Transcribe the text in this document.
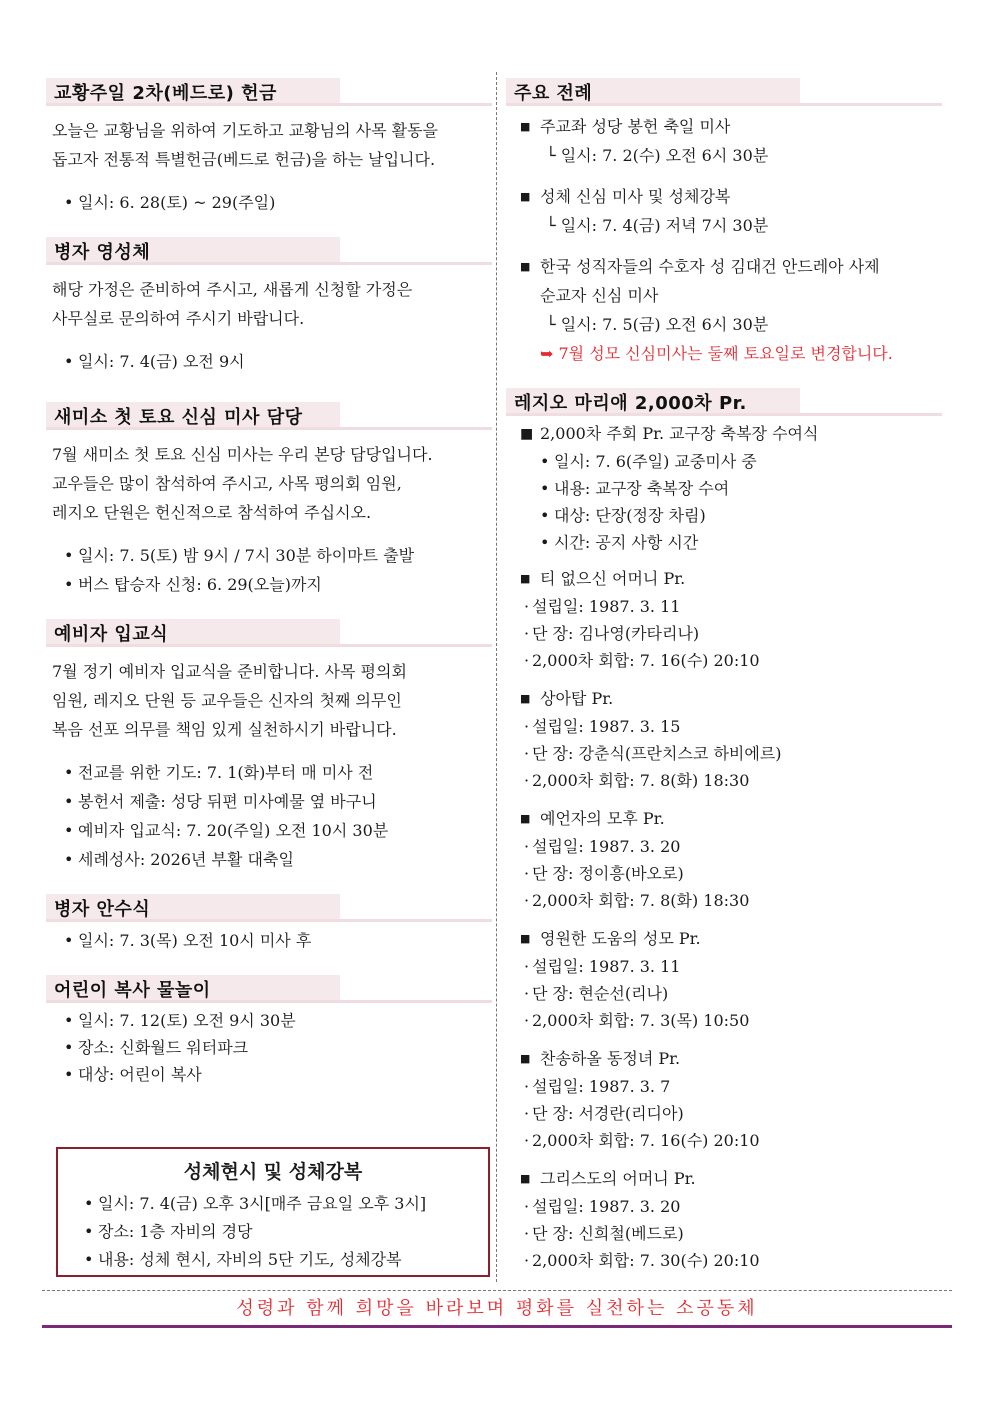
교황주일 2차(베드로) 헌금
오늘은 교황님을 위하여 기도하고 교황님의 사목 활동을
돕고자 전통적 특별헌금(베드로 헌금)을 하는 날입니다.
• 일시: 6. 28(토) ~ 29(주일)
병자 영성체
해당 가정은 준비하여 주시고, 새롭게 신청할 가정은
사무실로 문의하여 주시기 바랍니다.
• 일시: 7. 4(금) 오전 9시
새미소 첫 토요 신심 미사 담당
7월 새미소 첫 토요 신심 미사는 우리 본당 담당입니다.
교우들은 많이 참석하여 주시고, 사목 평의회 임원,
레지오 단원은 헌신적으로 참석하여 주십시오.
• 일시: 7. 5(토) 밤 9시 / 7시 30분 하이마트 출발
• 버스 탑승자 신청: 6. 29(오늘)까지
예비자 입교식
7월 정기 예비자 입교식을 준비합니다. 사목 평의회
임원, 레지오 단원 등 교우들은 신자의 첫째 의무인
복음 선포 의무를 책임 있게 실천하시기 바랍니다.
• 전교를 위한 기도: 7. 1(화)부터 매 미사 전
• 봉헌서 제출: 성당 뒤편 미사예물 옆 바구니
• 예비자 입교식: 7. 20(주일) 오전 10시 30분
• 세례성사: 2026년 부활 대축일
병자 안수식
• 일시: 7. 3(목) 오전 10시 미사 후
어린이 복사 물놀이
• 일시: 7. 12(토) 오전 9시 30분
• 장소: 신화월드 워터파크
• 대상: 어린이 복사
성체현시 및 성체강복
• 일시: 7. 4(금) 오후 3시[매주 금요일 오후 3시]
• 장소: 1층 자비의 경당
• 내용: 성체 현시, 자비의 5단 기도, 성체강복
주요 전례
■ 주교좌 성당 봉헌 축일 미사
└ 일시: 7. 2(수) 오전 6시 30분
■ 성체 신심 미사 및 성체강복
└ 일시: 7. 4(금) 저녁 7시 30분
■ 한국 성직자들의 수호자 성 김대건 안드레아 사제
순교자 신심 미사
└ 일시: 7. 5(금) 오전 6시 30분
➥ 7월 성모 신심미사는 둘째 토요일로 변경합니다.
레지오 마리애 2,000차 Pr.
■ 2,000차 주회 Pr. 교구장 축복장 수여식
• 일시: 7. 6(주일) 교중미사 중
• 내용: 교구장 축복장 수여
• 대상: 단장(정장 차림)
• 시간: 공지 사항 시간
■ 티 없으신 어머니 Pr.
· 설립일: 1987. 3. 11
· 단 장: 김나영(카타리나)
· 2,000차 회합: 7. 16(수) 20:10
■ 상아탑 Pr.
· 설립일: 1987. 3. 15
· 단 장: 강춘식(프란치스코 하비에르)
· 2,000차 회합: 7. 8(화) 18:30
■ 예언자의 모후 Pr.
· 설립일: 1987. 3. 20
· 단 장: 정이흥(바오로)
· 2,000차 회합: 7. 8(화) 18:30
■ 영원한 도움의 성모 Pr.
· 설립일: 1987. 3. 11
· 단 장: 현순선(리나)
· 2,000차 회합: 7. 3(목) 10:50
■ 찬송하올 동정녀 Pr.
· 설립일: 1987. 3. 7
· 단 장: 서경란(리디아)
· 2,000차 회합: 7. 16(수) 20:10
■ 그리스도의 어머니 Pr.
· 설립일: 1987. 3. 20
· 단 장: 신희철(베드로)
· 2,000차 회합: 7. 30(수) 20:10
성령과 함께 희망을 바라보며 평화를 실천하는 소공동체
